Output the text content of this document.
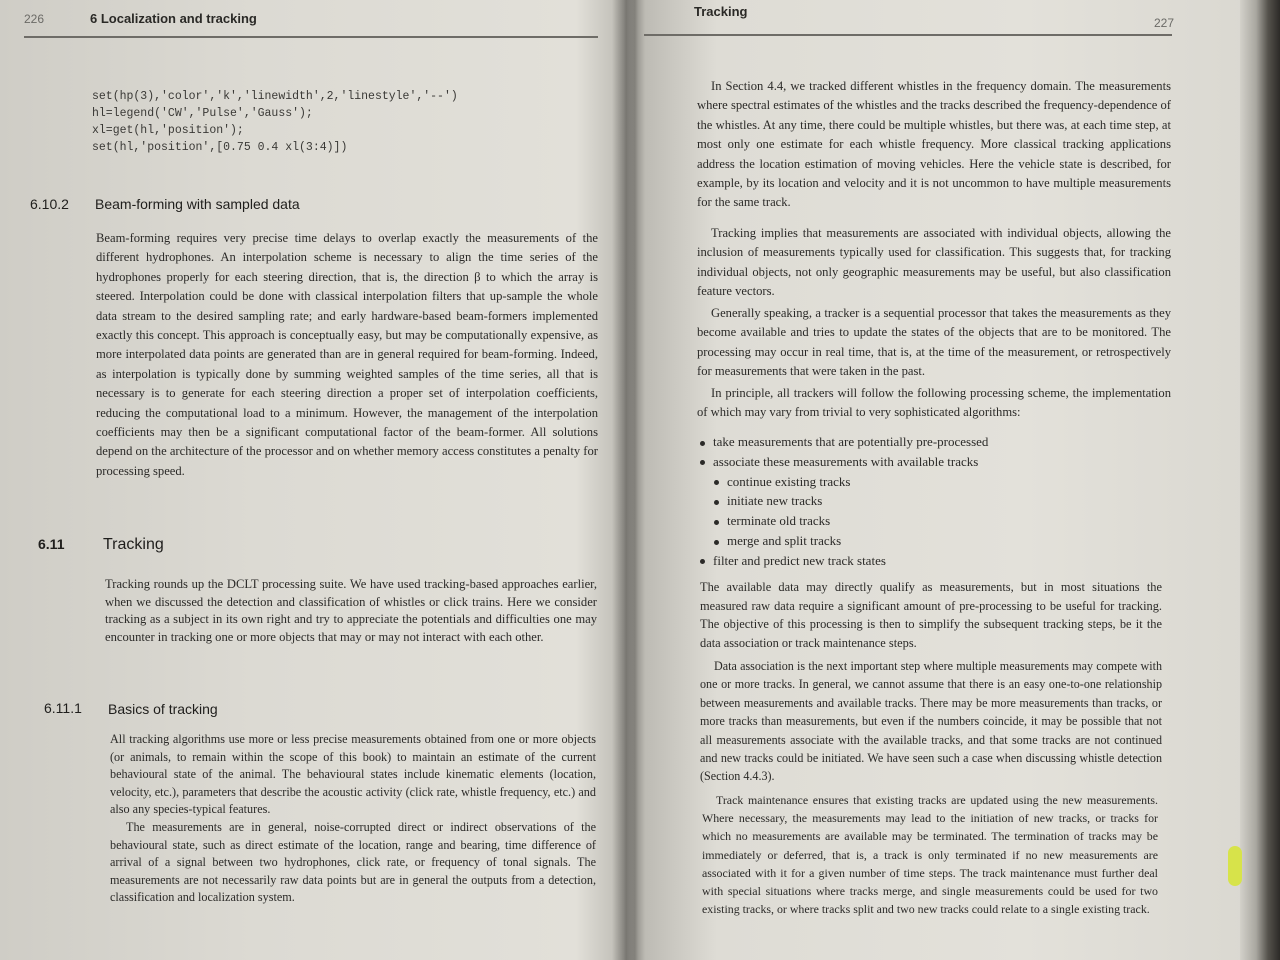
226	6 Localization and tracking
set(hp(3),'color','k','linewidth',2,'linestyle','--')
hl=legend('CW','Pulse','Gauss');
xl=get(hl,'position');
set(hl,'position',[0.75 0.4 xl(3:4)])
6.10.2 Beam-forming with sampled data

Beam-forming requires very precise time delays to overlap exactly the measurements of the different hydrophones. An interpolation scheme is necessary to align the time series of the hydrophones properly for each steering direction, that is, the direction β to which the array is steered. Interpolation could be done with classical interpolation filters that up-sample the whole data stream to the desired sampling rate; and early hardware-based beam-formers implemented exactly this concept. This approach is conceptually easy, but may be computationally expensive, as more interpolated data points are generated than are in general required for beam-forming. Indeed, as interpolation is typically done by summing weighted samples of the time series, all that is necessary is to generate for each steering direction a proper set of interpolation coefficients, reducing the computational load to a minimum. However, the management of the interpolation coefficients may then be a significant computational factor of the beam-former. All solutions depend on the architecture of the processor and on whether memory access constitutes a penalty for processing speed.

6.11 Tracking

Tracking rounds up the DCLT processing suite. We have used tracking-based approaches earlier, when we discussed the detection and classification of whistles or click trains. Here we consider tracking as a subject in its own right and try to appreciate the potentials and difficulties one may encounter in tracking one or more objects that may or may not interact with each other.

6.11.1 Basics of tracking

All tracking algorithms use more or less precise measurements obtained from one or more objects (or animals, to remain within the scope of this book) to maintain an estimate of the current behavioural state of the animal. The behavioural states include kinematic elements (location, velocity, etc.), parameters that describe the acoustic activity (click rate, whistle frequency, etc.) and also any species-typical features.

The measurements are in general, noise-corrupted direct or indirect observations of the behavioural state, such as direct estimate of the location, range and bearing, time difference of arrival of a signal between two hydrophones, click rate, or frequency of tonal signals. The measurements are not necessarily raw data points but are in general the outputs from a detection, classification and localization system.

Tracking
227

In Section 4.4, we tracked different whistles in the frequency domain. The measurements where spectral estimates of the whistles and the tracks described the frequency-dependence of the whistles. At any time, there could be multiple whistles, but there was, at each time step, at most only one estimate for each whistle frequency. More classical tracking applications address the location estimation of moving vehicles. Here the vehicle state is described, for example, by its location and velocity and it is not uncommon to have multiple measurements for the same track.

Tracking implies that measurements are associated with individual objects, allowing the inclusion of measurements typically used for classification. This suggests that, for tracking individual objects, not only geographic measurements may be useful, but also classification feature vectors.

Generally speaking, a tracker is a sequential processor that takes the measurements as they become available and tries to update the states of the objects that are to be monitored. The processing may occur in real time, that is, at the time of the measurement, or retrospectively for measurements that were taken in the past.

In principle, all trackers will follow the following processing scheme, the implementation of which may vary from trivial to very sophisticated algorithms:

take measurements that are potentially pre-processed
associate these measurements with available tracks
continue existing tracks
initiate new tracks
terminate old tracks
merge and split tracks
filter and predict new track states

The available data may directly qualify as measurements, but in most situations the measured raw data require a significant amount of pre-processing to be useful for tracking. The objective of this processing is then to simplify the subsequent tracking steps, be it the data association or track maintenance steps.

Data association is the next important step where multiple measurements may compete with one or more tracks. In general, we cannot assume that there is an easy one-to-one relationship between measurements and available tracks. There may be more measurements than tracks, or more tracks than measurements, but even if the numbers coincide, it may be possible that not all measurements associate with the available tracks, and that some tracks are not continued and new tracks could be initiated. We have seen such a case when discussing whistle detection (Section 4.4.3).

Track maintenance ensures that existing tracks are updated using the new measurements. Where necessary, the measurements may lead to the initiation of new tracks, or tracks for which no measurements are available may be terminated. The termination of tracks may be immediately or deferred, that is, a track is only terminated if no new measurements are associated with it for a given number of time steps. The track maintenance must further deal with special situations where tracks merge, and single measurements could be used for two existing tracks, or where tracks split and two new tracks could relate to a single existing track.
